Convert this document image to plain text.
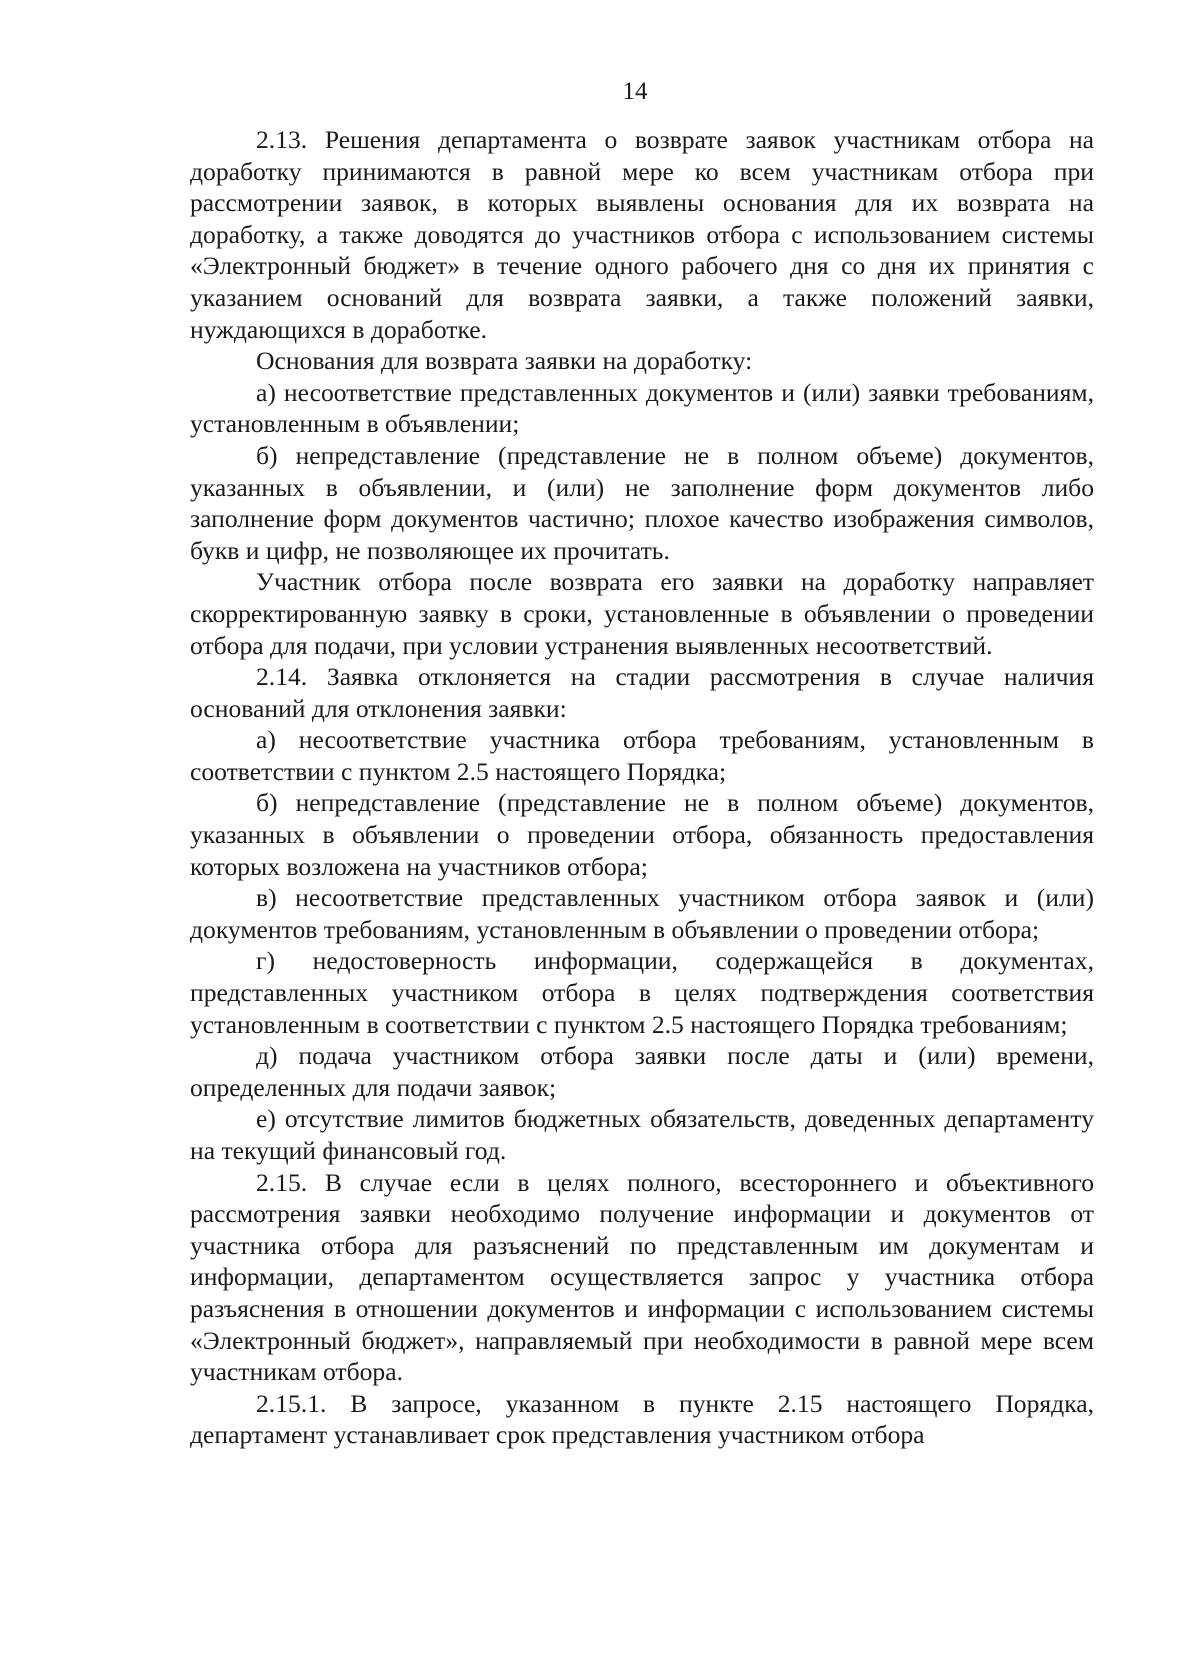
14

2.13. Решения департамента о возврате заявок участникам отбора на доработку принимаются в равной мере ко всем участникам отбора при рассмотрении заявок, в которых выявлены основания для их возврата на доработку, а также доводятся до участников отбора с использованием системы «Электронный бюджет» в течение одного рабочего дня со дня их принятия с указанием оснований для возврата заявки, а также положений заявки, нуждающихся в доработке.

Основания для возврата заявки на доработку:

а) несоответствие представленных документов и (или) заявки требованиям, установленным в объявлении;

б) непредставление (представление не в полном объеме) документов, указанных в объявлении, и (или) не заполнение форм документов либо заполнение форм документов частично; плохое качество изображения символов, букв и цифр, не позволяющее их прочитать.

Участник отбора после возврата его заявки на доработку направляет скорректированную заявку в сроки, установленные в объявлении о проведении отбора для подачи, при условии устранения выявленных несоответствий.

2.14. Заявка отклоняется на стадии рассмотрения в случае наличия оснований для отклонения заявки:

а) несоответствие участника отбора требованиям, установленным в соответствии с пунктом 2.5 настоящего Порядка;

б) непредставление (представление не в полном объеме) документов, указанных в объявлении о проведении отбора, обязанность предоставления которых возложена на участников отбора;

в) несоответствие представленных участником отбора заявок и (или) документов требованиям, установленным в объявлении о проведении отбора;

г) недостоверность информации, содержащейся в документах, представленных участником отбора в целях подтверждения соответствия установленным в соответствии с пунктом 2.5 настоящего Порядка требованиям;

д) подача участником отбора заявки после даты и (или) времени, определенных для подачи заявок;

е) отсутствие лимитов бюджетных обязательств, доведенных департаменту на текущий финансовый год.

2.15. В случае если в целях полного, всестороннего и объективного рассмотрения заявки необходимо получение информации и документов от участника отбора для разъяснений по представленным им документам и информации, департаментом осуществляется запрос у участника отбора разъяснения в отношении документов и информации с использованием системы «Электронный бюджет», направляемый при необходимости в равной мере всем участникам отбора.

2.15.1. В запросе, указанном в пункте 2.15 настоящего Порядка, департамент устанавливает срок представления участником отбора
